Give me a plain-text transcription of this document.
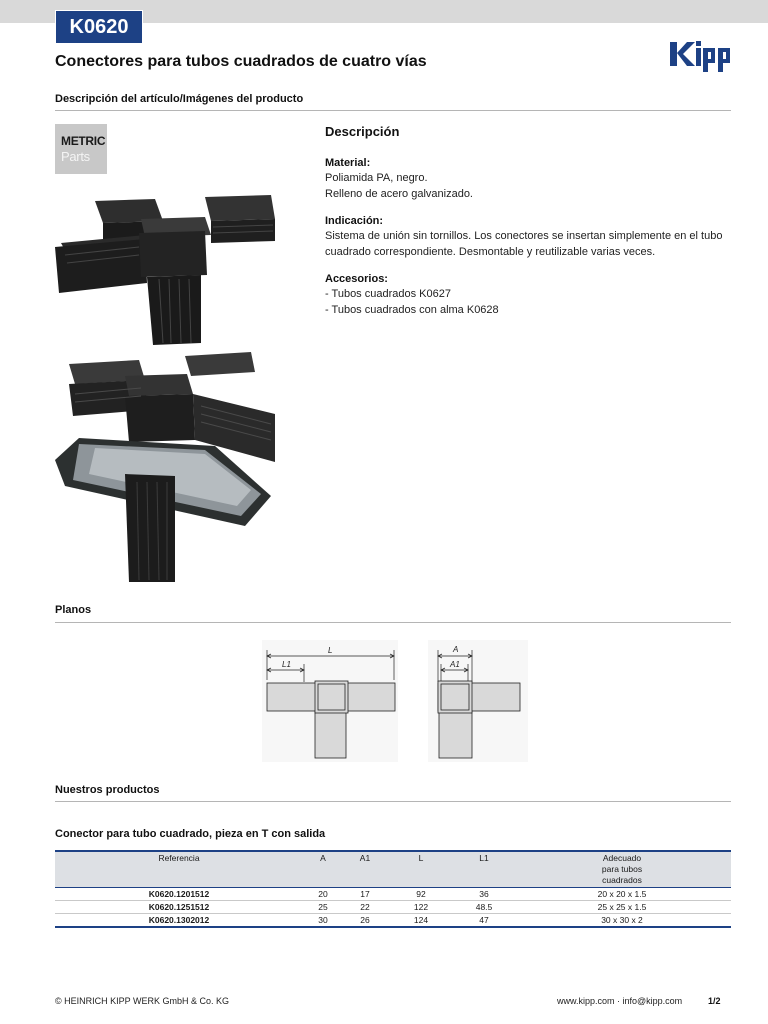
K0620
Conectores para tubos cuadrados de cuatro vías
Descripción del artículo/Imágenes del producto
METRIC
Parts
Descripción
Material:
Poliamida PA, negro.
Relleno de acero galvanizado.
Indicación:
Sistema de unión sin tornillos. Los conectores se insertan simplemente en el tubo
cuadrado correspondiente. Desmontable y reutilizable varias veces.
Accesorios:
- Tubos cuadrados K0627
- Tubos cuadrados con alma K0628
Planos
L
L1
A
A1
Nuestros productos
Conector para tubo cuadrado, pieza en T con salida
Referencia	A	A1	L	L1	Adecuado
para tubos
cuadrados

K0620.1201512	20	17	92	36	20 x 20 x 1.5
K0620.1251512	25	22	122	48.5	25 x 25 x 1.5
K0620.1302012	30	26	124	47	30 x 30 x 2
© HEINRICH KIPP WERK GmbH & Co. KG	www.kipp.com · info@kipp.com	1/2
